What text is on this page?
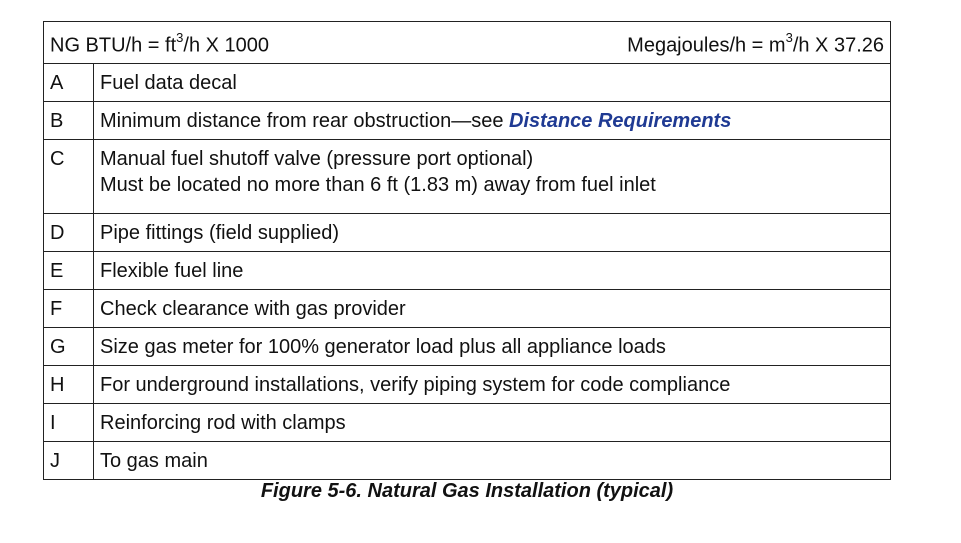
NG $BTU/h = ft^3/h$ X 1000 Megajoules/h = $m^3/h$ X 37.26	

A	Fuel data decal
B	Minimum distance from rear obstruction—see Distance Requirements
C	Manual fuel shutoff valve (pressure port optional)
Must be located no more than 6 ft (1.83 m) away from fuel inlet

D	Pipe fittings (field supplied)
E	Flexible fuel line
F	Check clearance with gas provider
G	Size gas meter for 100% generator load plus all appliance loads
H	For underground installations, verify piping system for code compliance
I	Reinforcing rod with clamps
J	To gas main
Figure 5-6. Natural Gas Installation (typical)
